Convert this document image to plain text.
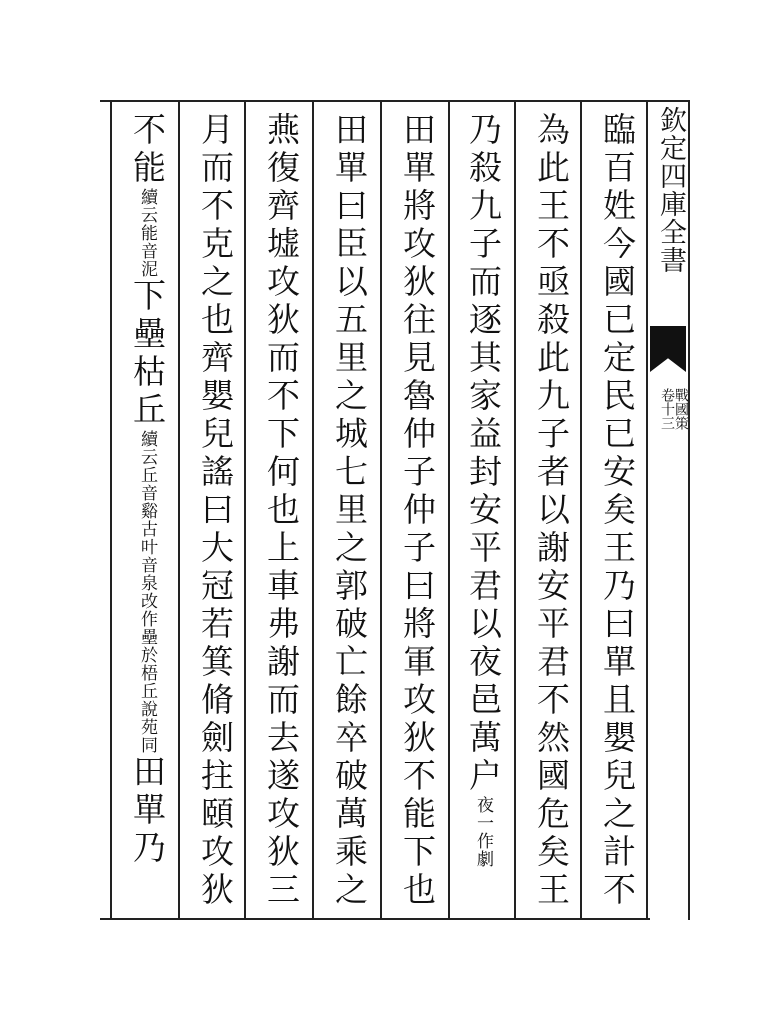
欽定四庫全書
戰國策
卷十三
臨百姓今國已定民已安矣王乃曰單且嬰兒之計不
為此王不亟殺此九子者以謝安平君不然國危矣王
乃殺九子而逐其家益封安平君以夜邑萬户夜一作劇
田單將攻狄往見魯仲子仲子曰將軍攻狄不能下也
田單曰臣以五里之城七里之郭破亡餘卒破萬乘之
燕復齊墟攻狄而不下何也上車弗謝而去遂攻狄三
月而不克之也齊嬰兒謠曰大冠若箕脩劍拄頤攻狄
不能續云能音泥下壘枯丘續云丘音谿古叶音泉改作壘於梧丘說苑同田單乃
